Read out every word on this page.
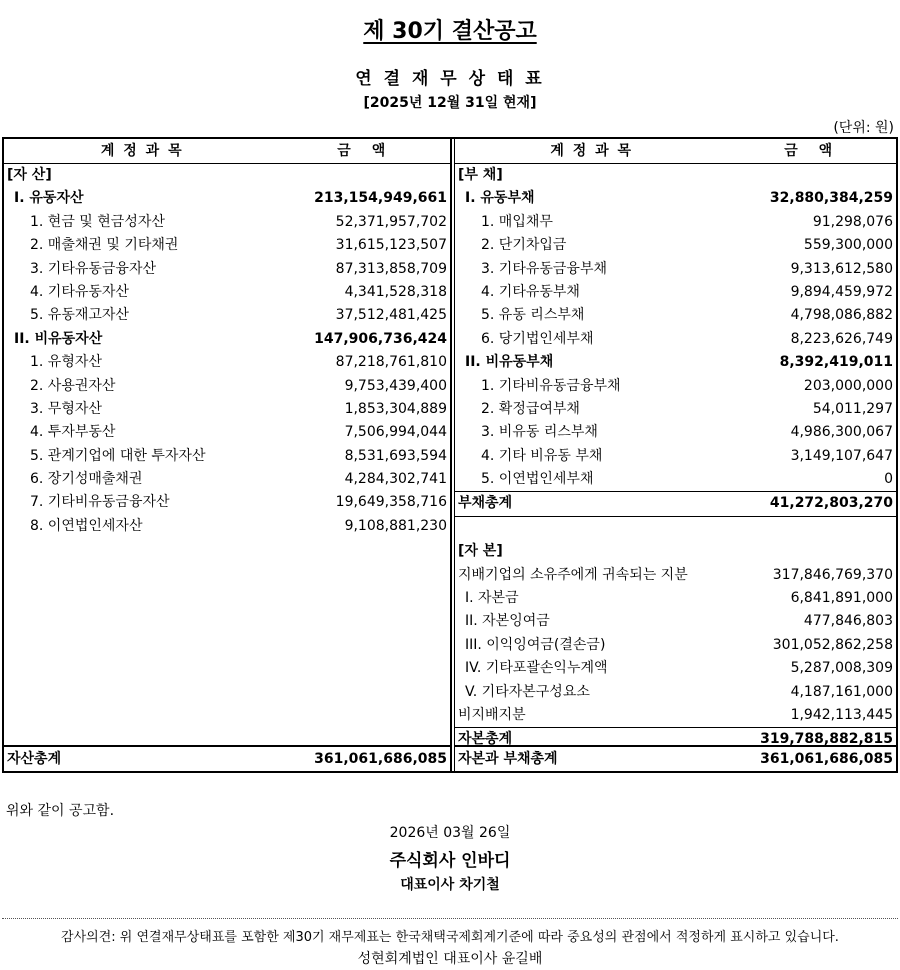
제 30기 결산공고
연 결 재 무 상 태 표
[2025년 12월 31일 현재]
(단위: 원)
계 정 과 목	금 액
[자 산]
I. 유동자산	213,154,949,661
1. 현금 및 현금성자산	52,371,957,702
2. 매출채권 및 기타채권	31,615,123,507
3. 기타유동금융자산	87,313,858,709
4. 기타유동자산	4,341,528,318
5. 유동재고자산	37,512,481,425
II. 비유동자산	147,906,736,424
1. 유형자산	87,218,761,810
2. 사용권자산	9,753,439,400
3. 무형자산	1,853,304,889
4. 투자부동산	7,506,994,044
5. 관계기업에 대한 투자자산	8,531,693,594
6. 장기성매출채권	4,284,302,741
7. 기타비유동금융자산	19,649,358,716
8. 이연법인세자산	9,108,881,230
자산총계	361,061,686,085
계 정 과 목	금 액
[부 채]
I. 유동부채	32,880,384,259
1. 매입채무	91,298,076
2. 단기차입금	559,300,000
3. 기타유동금융부채	9,313,612,580
4. 기타유동부채	9,894,459,972
5. 유동 리스부채	4,798,086,882
6. 당기법인세부채	8,223,626,749
II. 비유동부채	8,392,419,011
1. 기타비유동금융부채	203,000,000
2. 확정급여부채	54,011,297
3. 비유동 리스부채	4,986,300,067
4. 기타 비유동 부채	3,149,107,647
5. 이연법인세부채	0
부채총계	41,272,803,270
[자 본]
지배기업의 소유주에게 귀속되는 지분	317,846,769,370
I. 자본금	6,841,891,000
II. 자본잉여금	477,846,803
III. 이익잉여금(결손금)	301,052,862,258
IV. 기타포괄손익누계액	5,287,008,309
V. 기타자본구성요소	4,187,161,000
비지배지분	1,942,113,445
자본총계	319,788,882,815
자본과 부채총계	361,061,686,085
위와 같이 공고함.
2026년 03월 26일
주식회사 인바디
대표이사 차기철
감사의견: 위 연결재무상태표를 포함한 제30기 재무제표는 한국채택국제회계기준에 따라 중요성의 관점에서 적정하게 표시하고 있습니다.
성현회계법인 대표이사 윤길배
